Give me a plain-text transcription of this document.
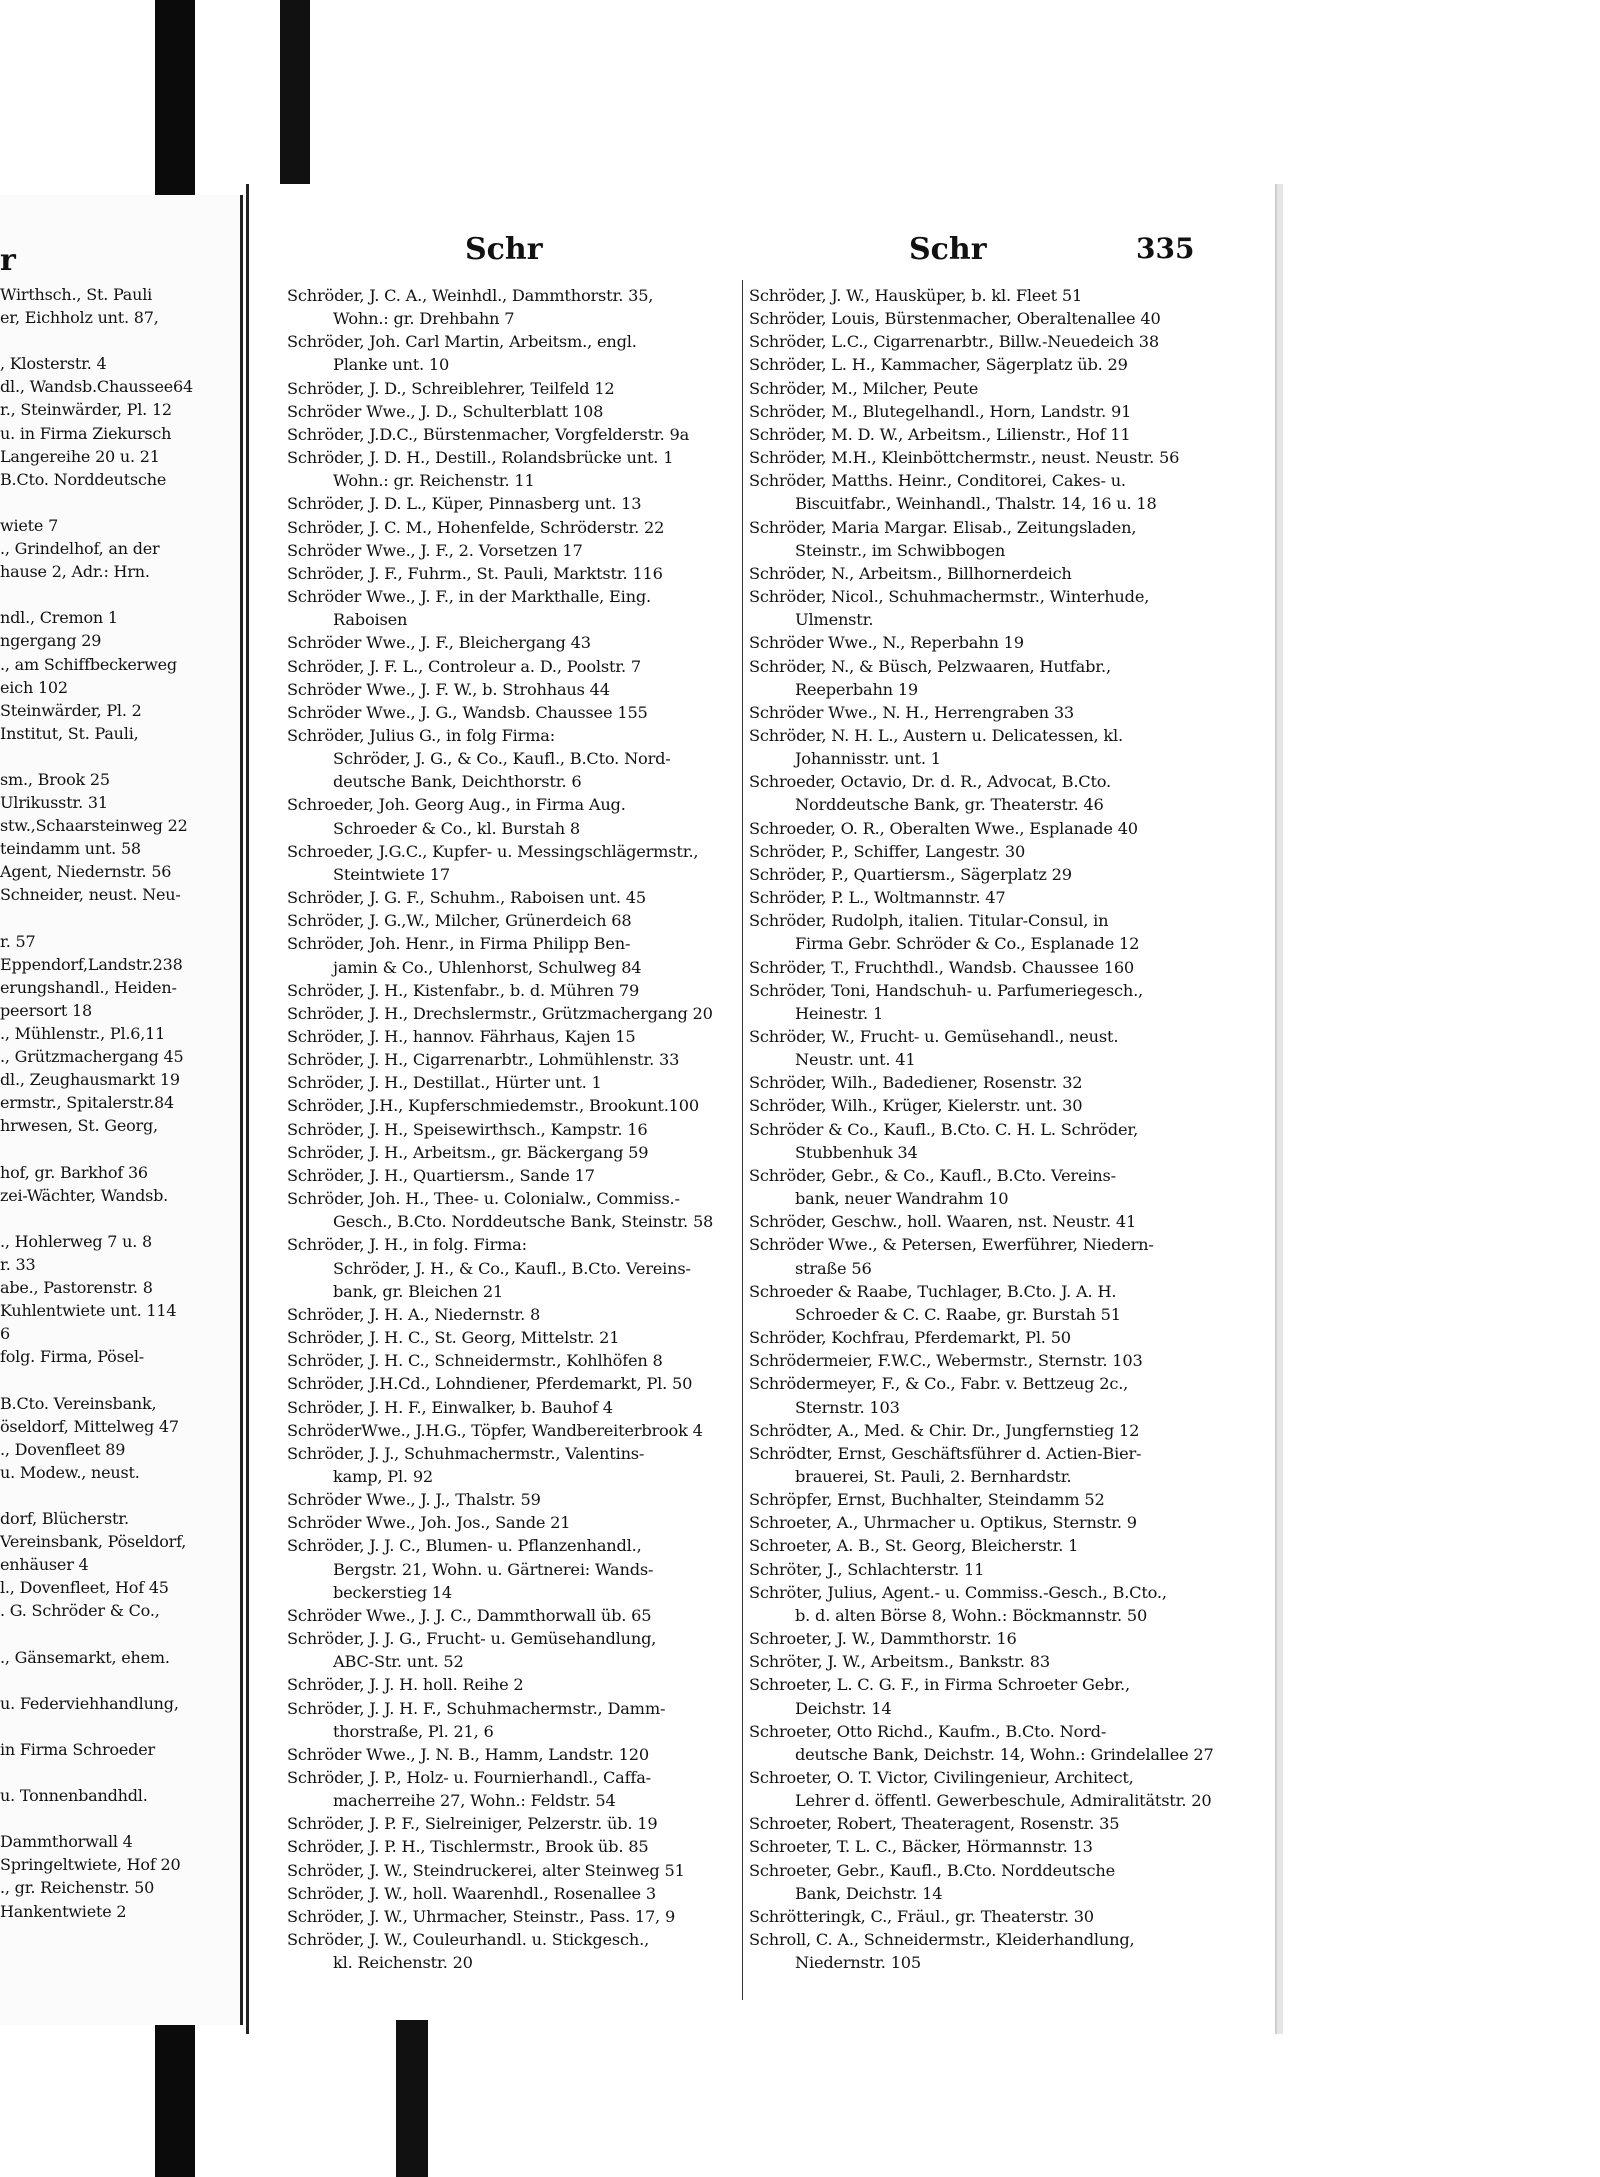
r
Wirthsch., St. Pauli
er, Eichholz unt. 87,

, Klosterstr. 4
dl., Wandsb.Chaussee64
r., Steinwärder, Pl. 12
u. in Firma Ziekursch
Langereihe 20 u. 21
B.Cto. Norddeutsche

wiete 7
., Grindelhof, an der
hause 2, Adr.: Hrn.

ndl., Cremon 1
ngergang 29
., am Schiffbeckerweg
eich 102
Steinwärder, Pl. 2
Institut, St. Pauli,

sm., Brook 25
Ulrikusstr. 31
stw.,Schaarsteinweg 22
teindamm unt. 58
Agent, Niedernstr. 56
Schneider, neust. Neu-

r. 57
Eppendorf,Landstr.238
erungshandl., Heiden-
peersort 18
., Mühlenstr., Pl.6,11
., Grützmachergang 45
dl., Zeughausmarkt 19
ermstr., Spitalerstr.84
hrwesen, St. Georg,

hof, gr. Barkhof 36
zei-Wächter, Wandsb.

., Hohlerweg 7 u. 8
r. 33
abe., Pastorenstr. 8
Kuhlentwiete unt. 114
6
folg. Firma, Pösel-

B.Cto. Vereinsbank,
öseldorf, Mittelweg 47
., Dovenfleet 89
u. Modew., neust.

dorf, Blücherstr.
Vereinsbank, Pöseldorf,
enhäuser 4
l., Dovenfleet, Hof 45
. G. Schröder & Co.,

., Gänsemarkt, ehem.

u. Federviehhandlung,

in Firma Schroeder

u. Tonnenbandhdl.

Dammthorwall 4
Springeltwiete, Hof 20
., gr. Reichenstr. 50
Hankentwiete 2
Schr	Schr	335
Schröder, J. C. A., Weinhdl., Dammthorstr. 35,
Wohn.: gr. Drehbahn 7
Schröder, Joh. Carl Martin, Arbeitsm., engl.
Planke unt. 10
Schröder, J. D., Schreiblehrer, Teilfeld 12
Schröder Wwe., J. D., Schulterblatt 108
Schröder, J.D.C., Bürstenmacher, Vorgfelderstr. 9a
Schröder, J. D. H., Destill., Rolandsbrücke unt. 1
Wohn.: gr. Reichenstr. 11
Schröder, J. D. L., Küper, Pinnasberg unt. 13
Schröder, J. C. M., Hohenfelde, Schröderstr. 22
Schröder Wwe., J. F., 2. Vorsetzen 17
Schröder, J. F., Fuhrm., St. Pauli, Marktstr. 116
Schröder Wwe., J. F., in der Markthalle, Eing.
Raboisen
Schröder Wwe., J. F., Bleichergang 43
Schröder, J. F. L., Controleur a. D., Poolstr. 7
Schröder Wwe., J. F. W., b. Strohhaus 44
Schröder Wwe., J. G., Wandsb. Chaussee 155
Schröder, Julius G., in folg Firma:
Schröder, J. G., & Co., Kaufl., B.Cto. Nord-
deutsche Bank, Deichthorstr. 6
Schroeder, Joh. Georg Aug., in Firma Aug.
Schroeder & Co., kl. Burstah 8
Schroeder, J.G.C., Kupfer- u. Messingschlägermstr.,
Steintwiete 17
Schröder, J. G. F., Schuhm., Raboisen unt. 45
Schröder, J. G.,W., Milcher, Grünerdeich 68
Schröder, Joh. Henr., in Firma Philipp Ben-
jamin & Co., Uhlenhorst, Schulweg 84
Schröder, J. H., Kistenfabr., b. d. Mühren 79
Schröder, J. H., Drechslermstr., Grützmachergang 20
Schröder, J. H., hannov. Fährhaus, Kajen 15
Schröder, J. H., Cigarrenarbtr., Lohmühlenstr. 33
Schröder, J. H., Destillat., Hürter unt. 1
Schröder, J.H., Kupferschmiedemstr., Brookunt.100
Schröder, J. H., Speisewirthsch., Kampstr. 16
Schröder, J. H., Arbeitsm., gr. Bäckergang 59
Schröder, J. H., Quartiersm., Sande 17
Schröder, Joh. H., Thee- u. Colonialw., Commiss.-
Gesch., B.Cto. Norddeutsche Bank, Steinstr. 58
Schröder, J. H., in folg. Firma:
Schröder, J. H., & Co., Kaufl., B.Cto. Vereins-
bank, gr. Bleichen 21
Schröder, J. H. A., Niedernstr. 8
Schröder, J. H. C., St. Georg, Mittelstr. 21
Schröder, J. H. C., Schneidermstr., Kohlhöfen 8
Schröder, J.H.Cd., Lohndiener, Pferdemarkt, Pl. 50
Schröder, J. H. F., Einwalker, b. Bauhof 4
SchröderWwe., J.H.G., Töpfer, Wandbereiterbrook 4
Schröder, J. J., Schuhmachermstr., Valentins-
kamp, Pl. 92
Schröder Wwe., J. J., Thalstr. 59
Schröder Wwe., Joh. Jos., Sande 21
Schröder, J. J. C., Blumen- u. Pflanzenhandl.,
Bergstr. 21, Wohn. u. Gärtnerei: Wands-
beckerstieg 14
Schröder Wwe., J. J. C., Dammthorwall üb. 65
Schröder, J. J. G., Frucht- u. Gemüsehandlung,
ABC-Str. unt. 52
Schröder, J. J. H. holl. Reihe 2
Schröder, J. J. H. F., Schuhmachermstr., Damm-
thorstraße, Pl. 21, 6
Schröder Wwe., J. N. B., Hamm, Landstr. 120
Schröder, J. P., Holz- u. Fournierhandl., Caffa-
macherreihe 27, Wohn.: Feldstr. 54
Schröder, J. P. F., Sielreiniger, Pelzerstr. üb. 19
Schröder, J. P. H., Tischlermstr., Brook üb. 85
Schröder, J. W., Steindruckerei, alter Steinweg 51
Schröder, J. W., holl. Waarenhdl., Rosenallee 3
Schröder, J. W., Uhrmacher, Steinstr., Pass. 17, 9
Schröder, J. W., Couleurhandl. u. Stickgesch.,
kl. Reichenstr. 20
Schröder, J. W., Hausküper, b. kl. Fleet 51
Schröder, Louis, Bürstenmacher, Oberaltenallee 40
Schröder, L.C., Cigarrenarbtr., Billw.-Neuedeich 38
Schröder, L. H., Kammacher, Sägerplatz üb. 29
Schröder, M., Milcher, Peute
Schröder, M., Blutegelhandl., Horn, Landstr. 91
Schröder, M. D. W., Arbeitsm., Lilienstr., Hof 11
Schröder, M.H., Kleinböttchermstr., neust. Neustr. 56
Schröder, Matths. Heinr., Conditorei, Cakes- u.
Biscuitfabr., Weinhandl., Thalstr. 14, 16 u. 18
Schröder, Maria Margar. Elisab., Zeitungsladen,
Steinstr., im Schwibbogen
Schröder, N., Arbeitsm., Billhornerdeich
Schröder, Nicol., Schuhmachermstr., Winterhude,
Ulmenstr.
Schröder Wwe., N., Reperbahn 19
Schröder, N., & Büsch, Pelzwaaren, Hutfabr.,
Reeperbahn 19
Schröder Wwe., N. H., Herrengraben 33
Schröder, N. H. L., Austern u. Delicatessen, kl.
Johannisstr. unt. 1
Schroeder, Octavio, Dr. d. R., Advocat, B.Cto.
Norddeutsche Bank, gr. Theaterstr. 46
Schroeder, O. R., Oberalten Wwe., Esplanade 40
Schröder, P., Schiffer, Langestr. 30
Schröder, P., Quartiersm., Sägerplatz 29
Schröder, P. L., Woltmannstr. 47
Schröder, Rudolph, italien. Titular-Consul, in
Firma Gebr. Schröder & Co., Esplanade 12
Schröder, T., Fruchthdl., Wandsb. Chaussee 160
Schröder, Toni, Handschuh- u. Parfumeriegesch.,
Heinestr. 1
Schröder, W., Frucht- u. Gemüsehandl., neust.
Neustr. unt. 41
Schröder, Wilh., Badediener, Rosenstr. 32
Schröder, Wilh., Krüger, Kielerstr. unt. 30
Schröder & Co., Kaufl., B.Cto. C. H. L. Schröder,
Stubbenhuk 34
Schröder, Gebr., & Co., Kaufl., B.Cto. Vereins-
bank, neuer Wandrahm 10
Schröder, Geschw., holl. Waaren, nst. Neustr. 41
Schröder Wwe., & Petersen, Ewerführer, Niedern-
straße 56
Schroeder & Raabe, Tuchlager, B.Cto. J. A. H.
Schroeder & C. C. Raabe, gr. Burstah 51
Schröder, Kochfrau, Pferdemarkt, Pl. 50
Schrödermeier, F.W.C., Webermstr., Sternstr. 103
Schrödermeyer, F., & Co., Fabr. v. Bettzeug 2c.,
Sternstr. 103
Schrödter, A., Med. & Chir. Dr., Jungfernstieg 12
Schrödter, Ernst, Geschäftsführer d. Actien-Bier-
brauerei, St. Pauli, 2. Bernhardstr.
Schröpfer, Ernst, Buchhalter, Steindamm 52
Schroeter, A., Uhrmacher u. Optikus, Sternstr. 9
Schroeter, A. B., St. Georg, Bleicherstr. 1
Schröter, J., Schlachterstr. 11
Schröter, Julius, Agent.- u. Commiss.-Gesch., B.Cto.,
b. d. alten Börse 8, Wohn.: Böckmannstr. 50
Schroeter, J. W., Dammthorstr. 16
Schröter, J. W., Arbeitsm., Bankstr. 83
Schroeter, L. C. G. F., in Firma Schroeter Gebr.,
Deichstr. 14
Schroeter, Otto Richd., Kaufm., B.Cto. Nord-
deutsche Bank, Deichstr. 14, Wohn.: Grindelallee 27
Schroeter, O. T. Victor, Civilingenieur, Architect,
Lehrer d. öffentl. Gewerbeschule, Admiralitätstr. 20
Schroeter, Robert, Theateragent, Rosenstr. 35
Schroeter, T. L. C., Bäcker, Hörmannstr. 13
Schroeter, Gebr., Kaufl., B.Cto. Norddeutsche
Bank, Deichstr. 14
Schrötteringk, C., Fräul., gr. Theaterstr. 30
Schroll, C. A., Schneidermstr., Kleiderhandlung,
Niedernstr. 105
